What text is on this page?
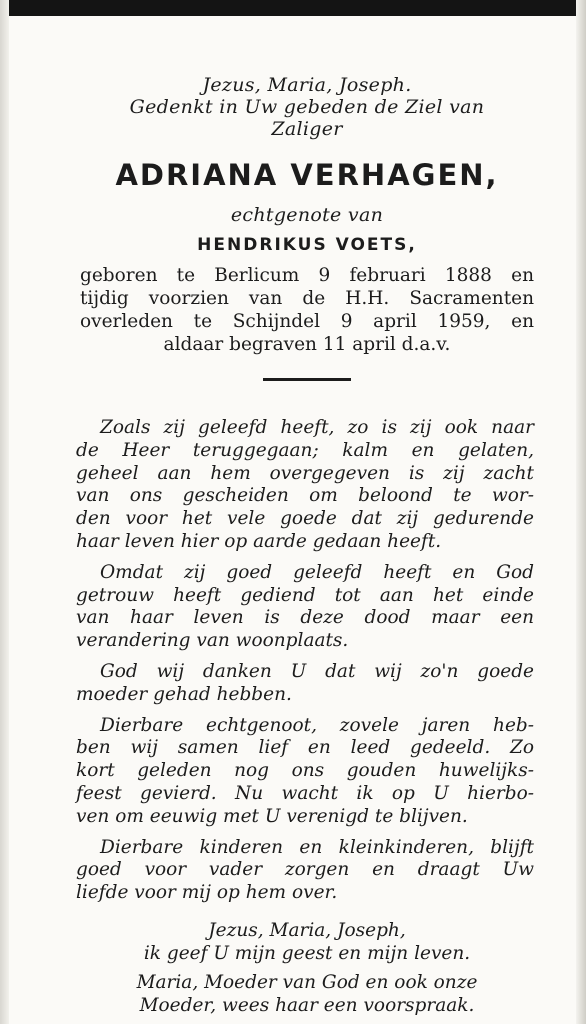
Jezus, Maria, Joseph.
Gedenkt in Uw gebeden de Ziel van
Zaliger
ADRIANA VERHAGEN,
echtgenote van
HENDRIKUS VOETS,
geboren te Berlicum 9 februari 1888 en
tijdig voorzien van de H.H. Sacramenten
overleden te Schijndel 9 april 1959, en
aldaar begraven 11 april d.a.v.
Zoals zij geleefd heeft, zo is zij ook naar
de Heer teruggegaan; kalm en gelaten,
geheel aan hem overgegeven is zij zacht
van ons gescheiden om beloond te wor-
den voor het vele goede dat zij gedurende
haar leven hier op aarde gedaan heeft.
Omdat zij goed geleefd heeft en God
getrouw heeft gediend tot aan het einde
van haar leven is deze dood maar een
verandering van woonplaats.
God wij danken U dat wij zo'n goede
moeder gehad hebben.
Dierbare echtgenoot, zovele jaren heb-
ben wij samen lief en leed gedeeld. Zo
kort geleden nog ons gouden huwelijks-
feest gevierd. Nu wacht ik op U hierbo-
ven om eeuwig met U verenigd te blijven.
Dierbare kinderen en kleinkinderen, blijft
goed voor vader zorgen en draagt Uw
liefde voor mij op hem over.
Jezus, Maria, Joseph,
ik geef U mijn geest en mijn leven.
Maria, Moeder van God en ook onze
Moeder, wees haar een voorspraak.
